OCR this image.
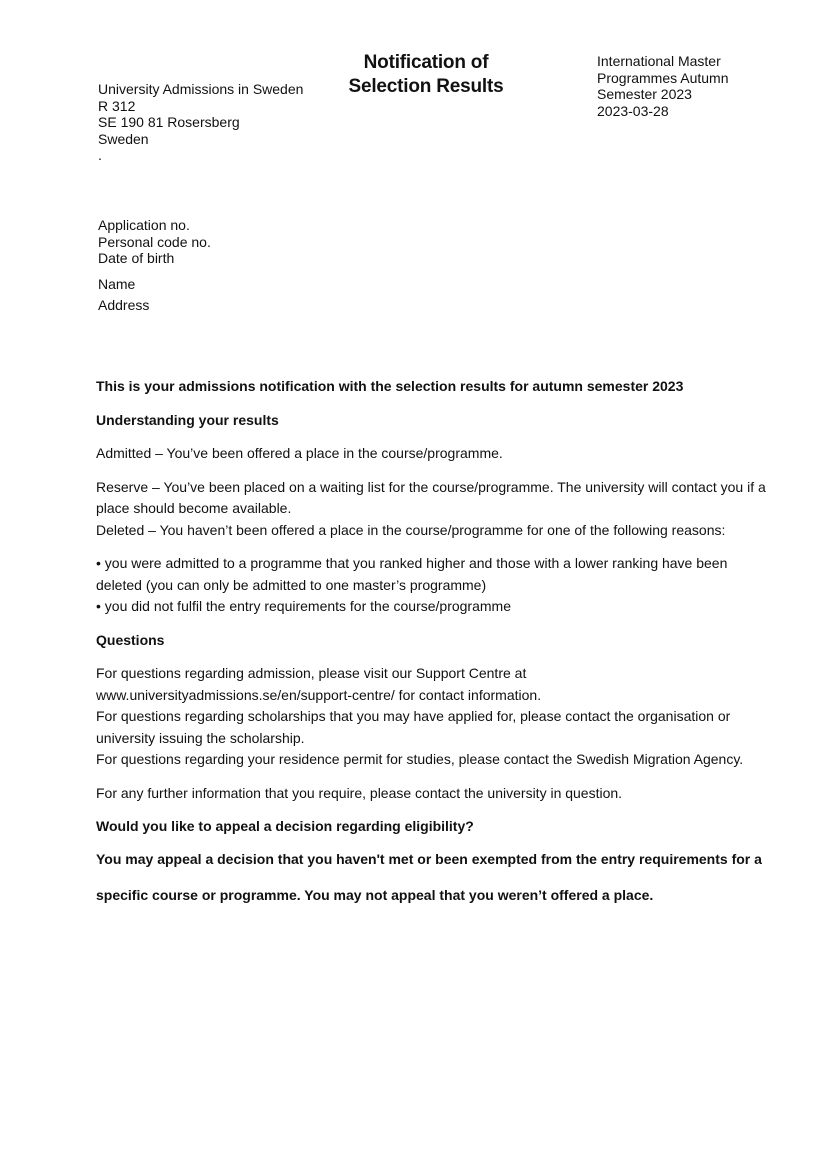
University Admissions in Sweden
R 312
SE 190 81 Rosersberg
Sweden
.
Notification of
Selection Results
International Master
Programmes Autumn
Semester 2023
2023-03-28
Application no.
Personal code no.
Date of birth
Name
Address

This is your admissions notification with the selection results for autumn semester 2023

Understanding your results

Admitted – You’ve been offered a place in the course/programme.

Reserve – You’ve been placed on a waiting list for the course/programme. The university will contact you if a place should become available.

Deleted – You haven’t been offered a place in the course/programme for one of the following reasons:

• you were admitted to a programme that you ranked higher and those with a lower ranking have been deleted (you can only be admitted to one master’s programme)

• you did not fulfil the entry requirements for the course/programme

Questions

For questions regarding admission, please visit our Support Centre at www.universityadmissions.se/en/support-centre/ for contact information.

For questions regarding scholarships that you may have applied for, please contact the organisation or university issuing the scholarship.

For questions regarding your residence permit for studies, please contact the Swedish Migration Agency.

For any further information that you require, please contact the university in question.

Would you like to appeal a decision regarding eligibility?

You may appeal a decision that you haven't met or been exempted from the entry requirements for a specific course or programme. You may not appeal that you weren’t offered a place.
